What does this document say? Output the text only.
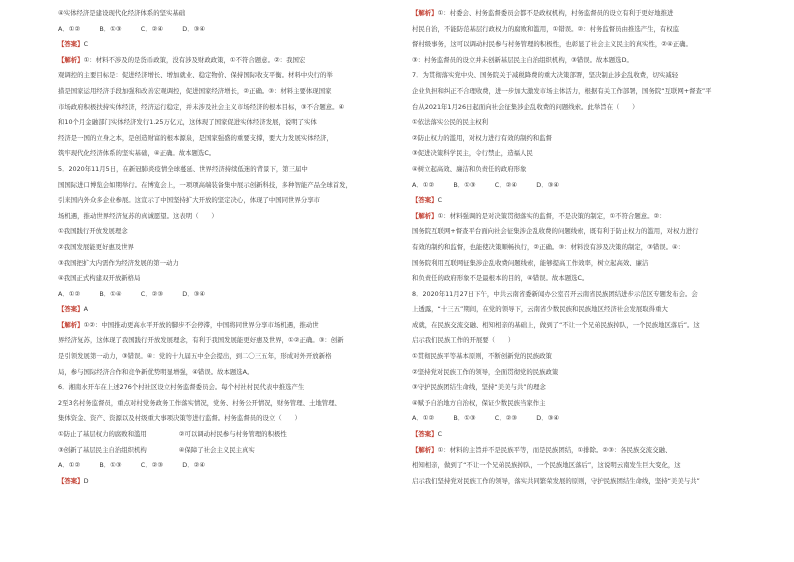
④实体经济是建设现代化经济体系的坚实基础
A．①②　　　B．①③　　　C．②④　　　D．③④
【答案】C
【解析】①：材料不涉及的是货币政策，没有涉及财政政策，①不符合题意。②：我国宏
观调控的主要目标是：促进经济增长、增加就业、稳定物价、保持国际收支平衡。材料中央行的举
措是国家运用经济手段加强和改善宏观调控，促进国家经济增长，②正确。③：材料主要体现国家
市场政府积极扶持实体经济，经济运行稳定，并未涉及社会主义市场经济的根本目标，③不合题意。④
和10个月金融部门实体经济发行1.25万亿元，这体现了国家促进实体经济发展，说明了实体
经济是一国的立身之本，是创造财富的根本源泉，是国家强盛的重要支撑，要大力发展实体经济，
筑牢现代化经济体系的坚实基础，④正确。故本题选C。
5．2020年11月5日，在新冠肺炎疫情全球蔓延、世界经济持续低迷的背景下，第三届中
国国际进口博览会如期举行。在博览会上，一项项高端装备集中展示创新科技，多种智能产品全球首发，
引来国内外众多企业参展。这宣示了中国坚持扩大开放的坚定决心，体现了中国同世界分享市
场机遇，推动世界经济复苏的真诚愿望。这表明（　　）
①我国践行开放发展理念
②我国发展能更好惠及世界
③我国把扩大内需作为经济发展的第一动力
④我国正式构建双开放新格局
A．①②　　　B．①④　　　C．②③　　　D．③④
【答案】A
【解析】①②：中国推动更高水平开放的脚步不会停滞，中国将同世界分享市场机遇，推动世
界经济复苏，这体现了我国践行开放发展理念，有利于我国发展能更好惠及世界，①②正确。③：创新
是引领发展第一动力，③错误。④：党的十九届五中全会提出，到二〇三五年，形成对外开放新格
局，参与国际经济合作和竞争新优势明显增强，④错误。故本题选A。
6．湘南水开车在上述276个村社区设立村务监督委员会。每个村社村民代表中推选产生
2至3名村务监督员，重点对村党务政务工作落实情况，党务、村务公开情况，财务管理、土地管理、
集体资金、资产、资源以及村级重大事项决策等进行监督。村务监督员的设立（　　）
①防止了基层权力的腐败和滥用　　　　　②可以调动村民参与村务管理的积极性
③创新了基层民主自治组织机构　　　　　④保障了社会主义民主真实
A．①②　　　B．①③　　　C．②③　　　D．②④
【答案】D
【解析】①：村委会、村务监督委员会都不是政权机构，村务监督员的设立有利于更好地推进
村民自治，不能防范基层行政权力的腐败和滥用，①错误。②：村务监督员由推选产生，有权监
督村级事务，这可以调动村民参与村务管理的积极性，也彰显了社会主义民主的真实性，②④正确。
③：村务监督员的设立并未创新基层民主自治组织机构，③错误。故本题选D。
7．为贯彻落实党中央、国务院关于减税降费的重大决策部署，坚决制止涉企乱收费，切实减轻
企业负担和纠正不合理收费，进一步加大激发市场主体活力，根据有关工作部署，国务院“互联网+督查”平
台从2021年1月26日起面向社会征集涉企乱收费的问题线索。此举旨在（　　）
①依法落实公民的民主权利
②防止权力的滥用，对权力进行有效的制约和监督
③促进决策科学民主，令行禁止，造福人民
④树立起高效、廉洁和负责任的政府形象
A．①②　　　B．①③　　　C．②④　　　D．③④
【答案】C
【解析】①：材料强调的是对决策贯彻落实的监督，不是决策的制定，①不符合题意。②：
国务院互联网+督查平台面向社会征集涉企乱收费的问题线索，既有利于防止权力的滥用，对权力进行
有效的制约和监督，也能使决策顺畅执行，②正确。③：材料没有涉及决策的制定，③错误。④：
国务院利用互联网征集涉企乱收费问题线索，能够提高工作效率，树立起高效、廉洁
和负责任的政府形象不是最根本的目的，④错误。故本题选C。
8．2020年11月27日下午，中共云南省委新闻办公室召开云南省民族团结进步示范区专题发布会。会
上透露，“十三五”期间，在党的领导下，云南省少数民族和民族地区经济社会发展取得重大
成就，在民族交流交融、相知相亲的基础上，做到了“不让一个兄弟民族掉队，一个民族地区落后”。这
启示我们民族工作的开展要（　　）
①贯彻民族平等基本原则，不断创新党的民族政策
②坚持党对民族工作的领导，全面贯彻党的民族政策
③守护民族团结生命线，坚持“美美与共”的理念
④赋予自治地方自治权，保证少数民族当家作主
A．①②　　　B．①③　　　C．②③　　　D．③④
【答案】C
【解析】①：材料的主旨并不是民族平等，而是民族团结，①排除。②③：各民族交流交融、
相知相亲，做到了“不让一个兄弟民族掉队，一个民族地区落后”，这说明云南发生巨大变化，这
启示我们坚持党对民族工作的领导，落实共同繁荣发展的原则，守护民族团结生命线，坚持“美美与共”
